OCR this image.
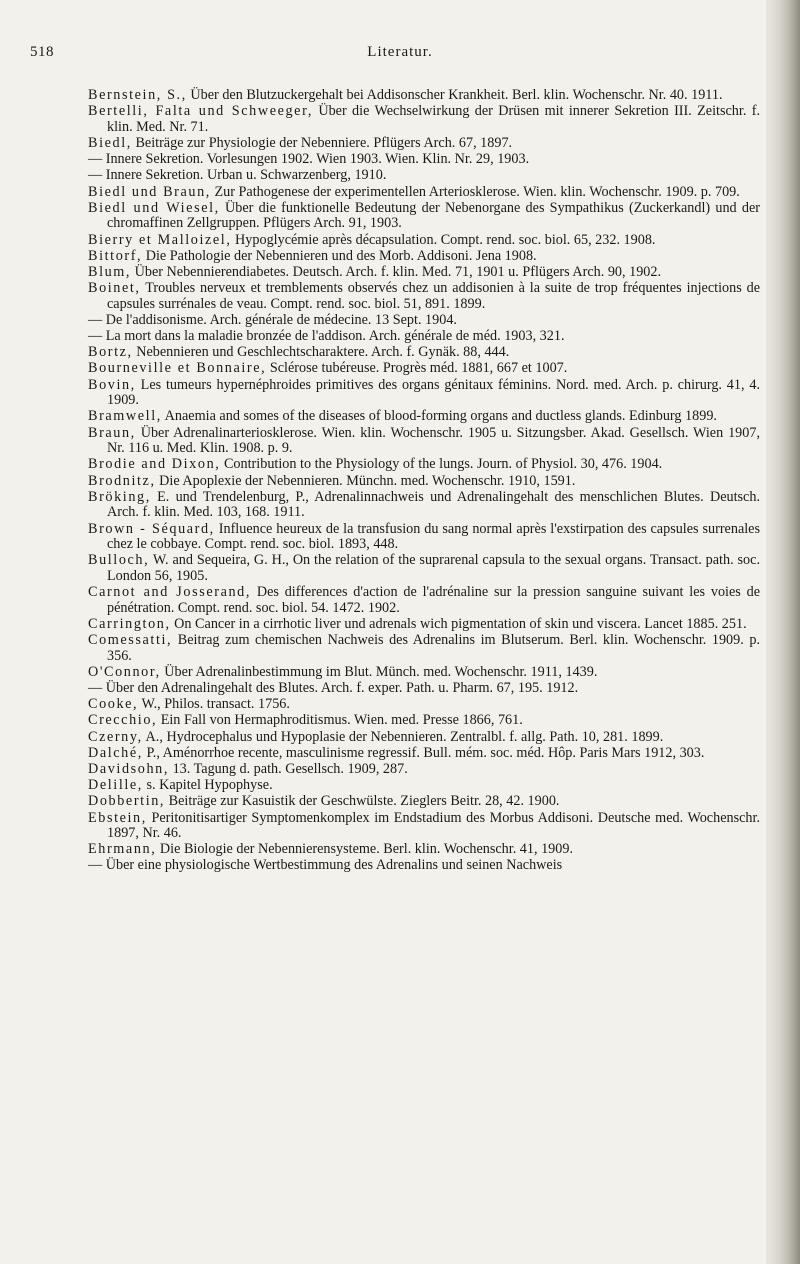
518	Literatur.

Bernstein, S., Über den Blutzuckergehalt bei Addisonscher Krankheit. Berl. klin. Wochenschr. Nr. 40. 1911.

Bertelli, Falta und Schweeger, Über die Wechselwirkung der Drüsen mit innerer Sekretion III. Zeitschr. f. klin. Med. Nr. 71.

Biedl, Beiträge zur Physiologie der Nebenniere. Pflügers Arch. 67, 1897.

— Innere Sekretion. Vorlesungen 1902. Wien 1903. Wien. Klin. Nr. 29, 1903.

— Innere Sekretion. Urban u. Schwarzenberg, 1910.

Biedl und Braun, Zur Pathogenese der experimentellen Arteriosklerose. Wien. klin. Wochenschr. 1909. p. 709.

Biedl und Wiesel, Über die funktionelle Bedeutung der Nebenorgane des Sympathikus (Zuckerkandl) und der chromaffinen Zellgruppen. Pflügers Arch. 91, 1903.

Bierry et Malloizel, Hypoglycémie après décapsulation. Compt. rend. soc. biol. 65, 232. 1908.

Bittorf, Die Pathologie der Nebennieren und des Morb. Addisoni. Jena 1908.

Blum, Über Nebennierendiabetes. Deutsch. Arch. f. klin. Med. 71, 1901 u. Pflügers Arch. 90, 1902.

Boinet, Troubles nerveux et tremblements observés chez un addisonien à la suite de trop fréquentes injections de capsules surrénales de veau. Compt. rend. soc. biol. 51, 891. 1899.

— De l'addisonisme. Arch. générale de médecine. 13 Sept. 1904.

— La mort dans la maladie bronzée de l'addison. Arch. générale de méd. 1903, 321.

Bortz, Nebennieren und Geschlechtscharaktere. Arch. f. Gynäk. 88, 444.

Bourneville et Bonnaire, Sclérose tubéreuse. Progrès méd. 1881, 667 et 1007.

Bovin, Les tumeurs hypernéphroides primitives des organs génitaux féminins. Nord. med. Arch. p. chirurg. 41, 4. 1909.

Bramwell, Anaemia and somes of the diseases of blood-forming organs and ductless glands. Edinburg 1899.

Braun, Über Adrenalinarteriosklerose. Wien. klin. Wochenschr. 1905 u. Sitzungsber. Akad. Gesellsch. Wien 1907, Nr. 116 u. Med. Klin. 1908. p. 9.

Brodie and Dixon, Contribution to the Physiology of the lungs. Journ. of Physiol. 30, 476. 1904.

Brodnitz, Die Apoplexie der Nebennieren. Münchn. med. Wochenschr. 1910, 1591.

Bröking, E. und Trendelenburg, P., Adrenalinnachweis und Adrenalingehalt des menschlichen Blutes. Deutsch. Arch. f. klin. Med. 103, 168. 1911.

Brown - Séquard, Influence heureux de la transfusion du sang normal après l'exstirpation des capsules surrenales chez le cobbaye. Compt. rend. soc. biol. 1893, 448.

Bulloch, W. and Sequeira, G. H., On the relation of the suprarenal capsula to the sexual organs. Transact. path. soc. London 56, 1905.

Carnot and Josserand, Des differences d'action de l'adrénaline sur la pression sanguine suivant les voies de pénétration. Compt. rend. soc. biol. 54. 1472. 1902.

Carrington, On Cancer in a cirrhotic liver und adrenals wich pigmentation of skin und viscera. Lancet 1885. 251.

Comessatti, Beitrag zum chemischen Nachweis des Adrenalins im Blutserum. Berl. klin. Wochenschr. 1909. p. 356.

O'Connor, Über Adrenalinbestimmung im Blut. Münch. med. Wochenschr. 1911, 1439.

— Über den Adrenalingehalt des Blutes. Arch. f. exper. Path. u. Pharm. 67, 195. 1912.

Cooke, W., Philos. transact. 1756.

Crecchio, Ein Fall von Hermaphroditismus. Wien. med. Presse 1866, 761.

Czerny, A., Hydrocephalus und Hypoplasie der Nebennieren. Zentralbl. f. allg. Path. 10, 281. 1899.

Dalché, P., Aménorrhoe recente, masculinisme regressif. Bull. mém. soc. méd. Hôp. Paris Mars 1912, 303.

Davidsohn, 13. Tagung d. path. Gesellsch. 1909, 287.

Delille, s. Kapitel Hypophyse.

Dobbertin, Beiträge zur Kasuistik der Geschwülste. Zieglers Beitr. 28, 42. 1900.

Ebstein, Peritonitisartiger Symptomenkomplex im Endstadium des Morbus Addisoni. Deutsche med. Wochenschr. 1897, Nr. 46.

Ehrmann, Die Biologie der Nebennierensysteme. Berl. klin. Wochenschr. 41, 1909.

— Über eine physiologische Wertbestimmung des Adrenalins und seinen Nachweis
